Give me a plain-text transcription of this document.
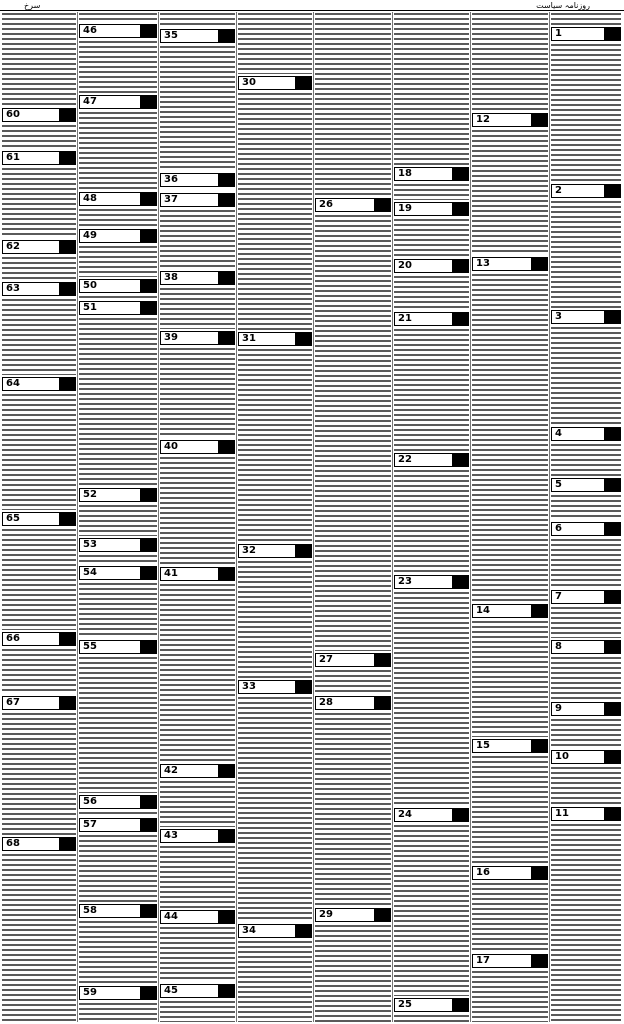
سرخ	روزنامہ سیاست
60
61
62
63
64
65
66
67
68
46
47
48
49
50
51
52
53
54
55
56
57
58
59
35
36
37
38
39
40
41
42
43
44
45
30
31
32
33
34
26
27
28
29
18
19
20
21
22
23
24
25
12
13
14
15
16
17
1
2
3
4
5
6
7
8
9
10
11
